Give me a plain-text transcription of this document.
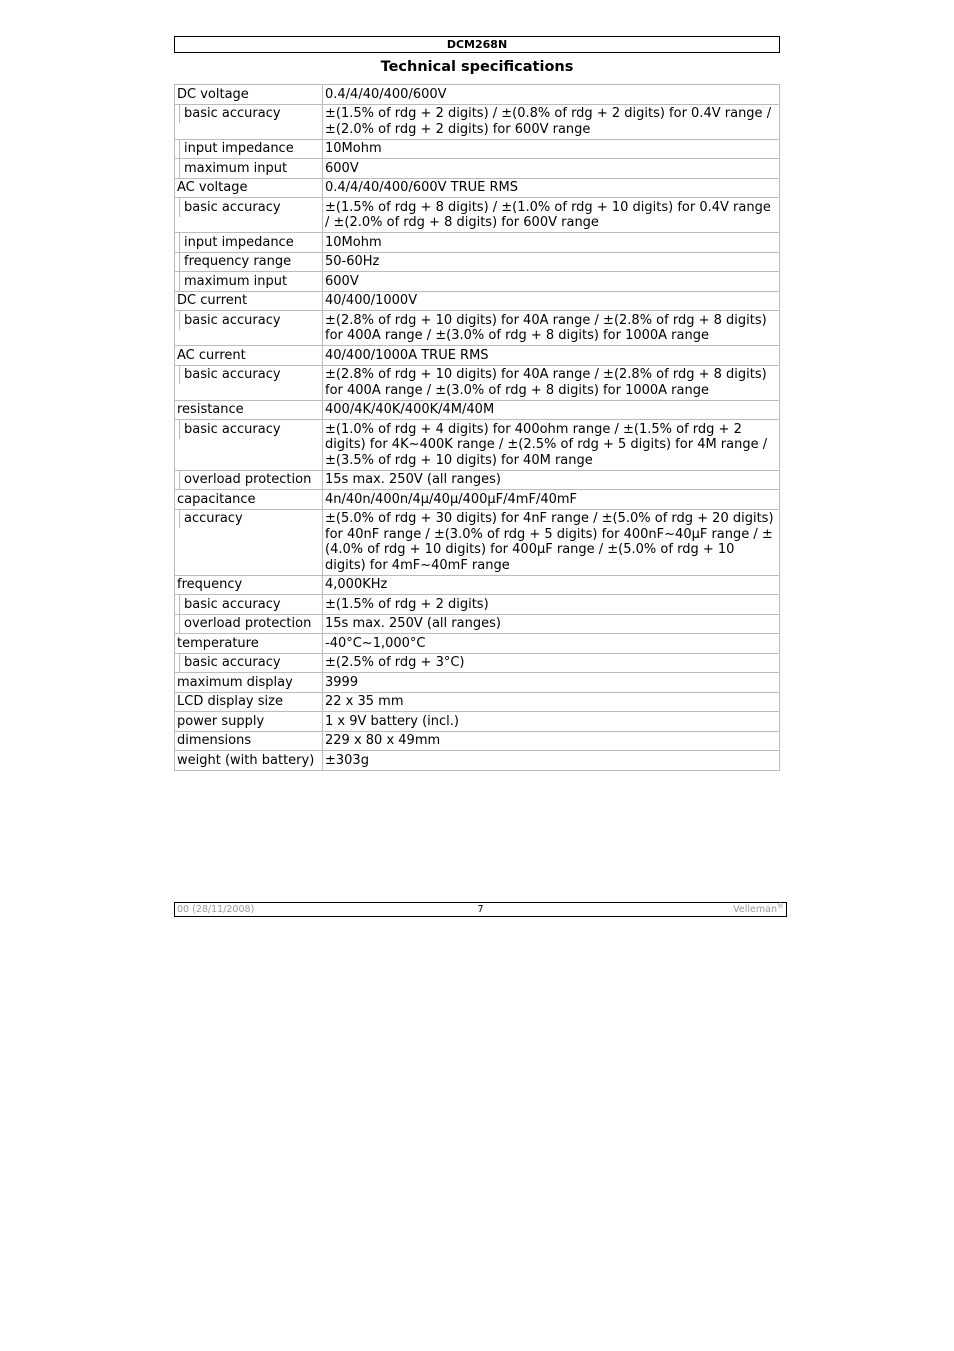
DCM268N
Technical specifications
DC voltage	0.4/4/40/400/600V

basic accuracy	±(1.5% of rdg + 2 digits) / ±(0.8% of rdg + 2 digits) for 0.4V range / ±(2.0% of rdg + 2 digits) for 600V range

input impedance	10Mohm

maximum input	600V
AC voltage	0.4/4/40/400/600V TRUE RMS

basic accuracy	±(1.5% of rdg + 8 digits) / ±(1.0% of rdg + 10 digits) for 0.4V range / ±(2.0% of rdg + 8 digits) for 600V range

input impedance	10Mohm

frequency range	50-60Hz

maximum input	600V
DC current	40/400/1000V

basic accuracy	±(2.8% of rdg + 10 digits) for 40A range / ±(2.8% of rdg + 8 digits) for 400A range / ±(3.0% of rdg + 8 digits) for 1000A range
AC current	40/400/1000A TRUE RMS

basic accuracy	±(2.8% of rdg + 10 digits) for 40A range / ±(2.8% of rdg + 8 digits) for 400A range / ±(3.0% of rdg + 8 digits) for 1000A range
resistance	400/4K/40K/400K/4M/40M

basic accuracy	±(1.0% of rdg + 4 digits) for 400ohm range / ±(1.5% of rdg + 2 digits) for 4K~400K range / ±(2.5% of rdg + 5 digits) for 4M range / ±(3.5% of rdg + 10 digits) for 40M range

overload protection	15s max. 250V (all ranges)
capacitance	4n/40n/400n/4μ/40μ/400μF/4mF/40mF

accuracy	±(5.0% of rdg + 30 digits) for 4nF range / ±(5.0% of rdg + 20 digits) for 40nF range / ±(3.0% of rdg + 5 digits) for 400nF~40μF range / ±(4.0% of rdg + 10 digits) for 400μF range / ±(5.0% of rdg + 10 digits) for 4mF~40mF range
frequency	4,000KHz

basic accuracy	±(1.5% of rdg + 2 digits)

overload protection	15s max. 250V (all ranges)
temperature	-40°C~1,000°C

basic accuracy	±(2.5% of rdg + 3°C)
maximum display	3999
LCD display size	22 x 35 mm
power supply	1 x 9V battery (incl.)
dimensions	229 x 80 x 49mm
weight (with battery)	±303g
00 (28/11/2008)	7	Velleman®
